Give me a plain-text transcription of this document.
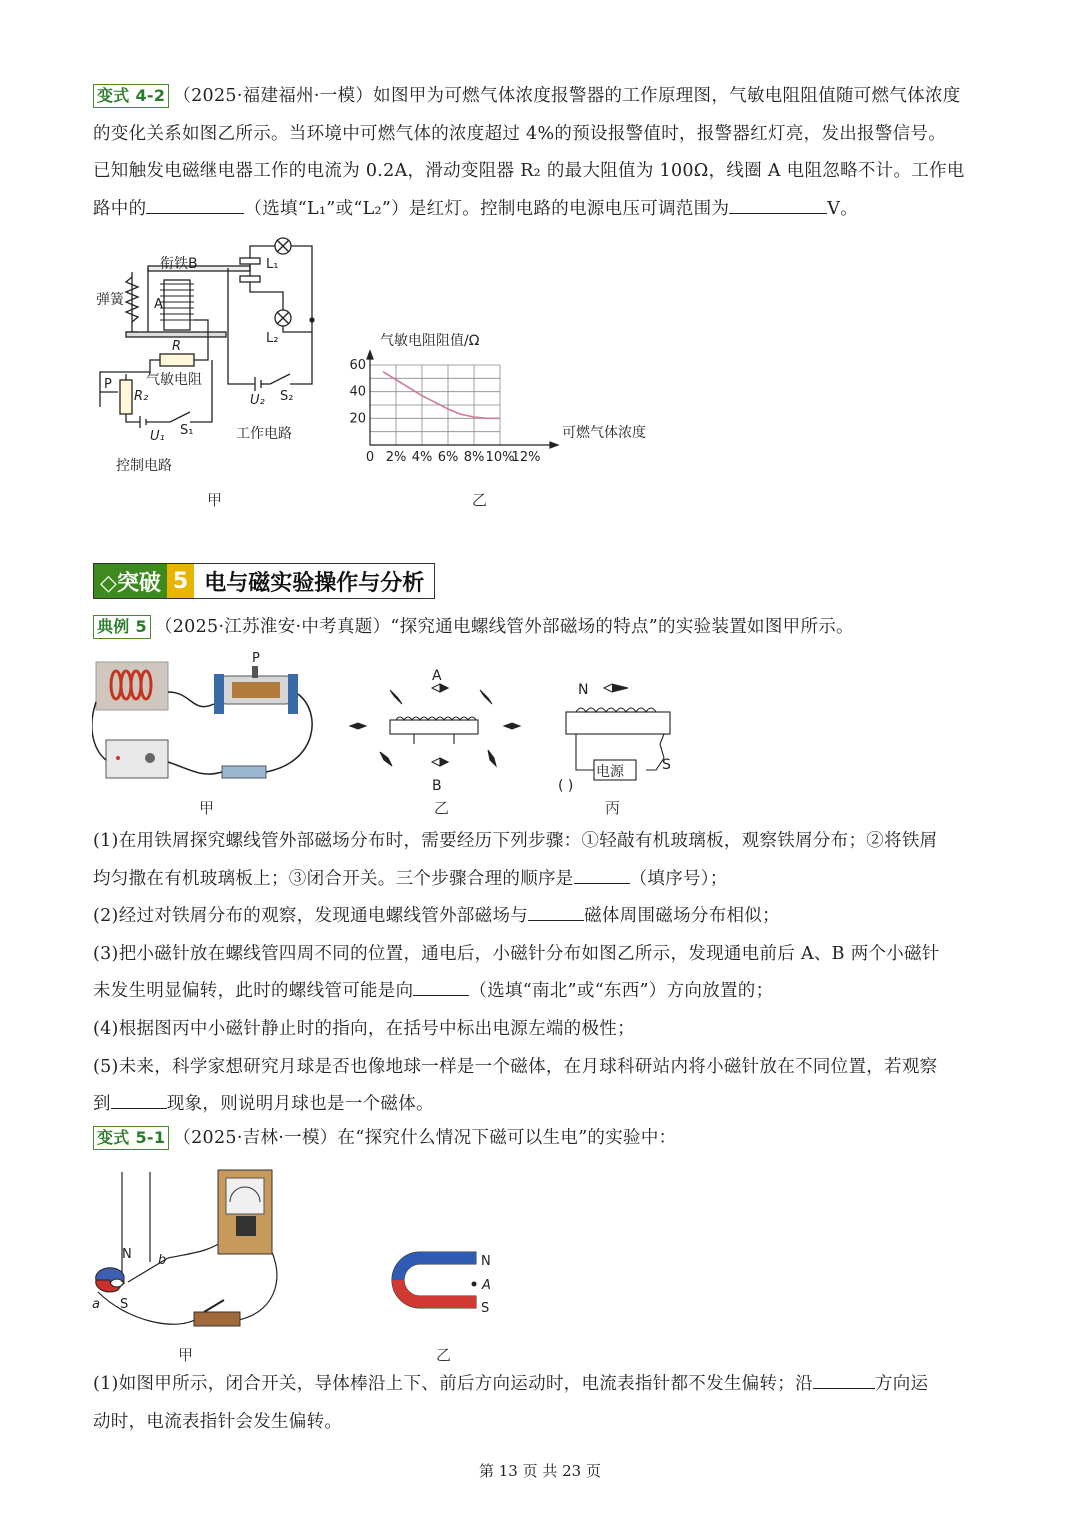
变式 4-2 （2025·福建福州·一模）如图甲为可燃气体浓度报警器的工作原理图，气敏电阻阻值随可燃气体浓度
的变化关系如图乙所示。当环境中可燃气体的浓度超过 4%的预设报警值时，报警器红灯亮，发出报警信号。
已知触发电磁继电器工作的电流为 0.2A，滑动变阻器 R₂ 的最大阻值为 100Ω，线圈 A 电阻忽略不计。工作电
路中的	（选填“L₁”或“L₂”）是红灯。控制电路的电源电压可调范围为	V。
衔铁B
弹簧 A
R
气敏电阻
P
R₂
U₁ S₁
L₁
L₂
U₂ S₂
工作电路
控制电路
甲
0 2% 4% 6% 8% 10%
12%
20
40
60
气敏电阻阻值/Ω
可燃气体浓度
乙
◇突破 5 电与磁实验操作与分析
典例 5 （2025·江苏淮安·中考真题）“探究通电螺线管外部磁场的特点”的实验装置如图甲所示。
P
甲
A
B
乙
N
电源	S
( )
丙
(1)在用铁屑探究螺线管外部磁场分布时，需要经历下列步骤：①轻敲有机玻璃板，观察铁屑分布；②将铁屑
均匀撒在有机玻璃板上；③闭合开关。三个步骤合理的顺序是	（填序号）；
(2)经过对铁屑分布的观察，发现通电螺线管外部磁场与	磁体周围磁场分布相似；
(3)把小磁针放在螺线管四周不同的位置，通电后，小磁针分布如图乙所示，发现通电前后 A、B 两个小磁针
未发生明显偏转，此时的螺线管可能是向	（选填“南北”或“东西”）方向放置的；
(4)根据图丙中小磁针静止时的指向，在括号中标出电源左端的极性；
(5)未来，科学家想研究月球是否也像地球一样是一个磁体，在月球科研站内将小磁针放在不同位置，若观察
到	现象，则说明月球也是一个磁体。
变式 5-1 （2025·吉林·一模）在“探究什么情况下磁可以生电”的实验中：
N
S
a
b
甲
N
A
S
乙
(1)如图甲所示，闭合开关，导体棒沿上下、前后方向运动时，电流表指针都不发生偏转；沿	方向运
动时，电流表指针会发生偏转。
第 13 页 共 23 页
